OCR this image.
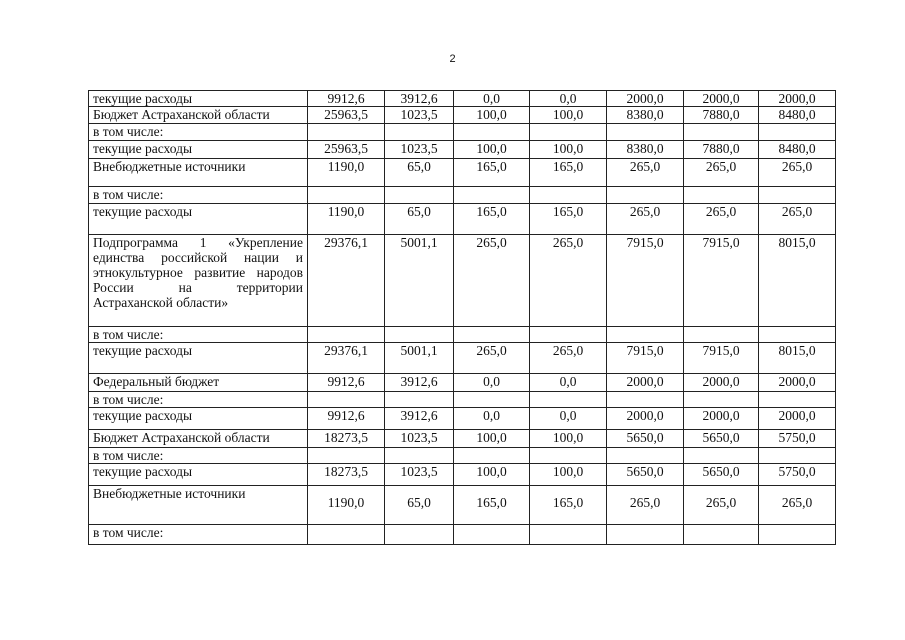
2
текущие расходы	9912,6	3912,6	0,0	0,0	2000,0	2000,0	2000,0
Бюджет Астраханской области	25963,5	1023,5	100,0	100,0	8380,0	7880,0	8480,0
в том числе:							
текущие расходы	25963,5	1023,5	100,0	100,0	8380,0	7880,0	8480,0
Внебюджетные источники	1190,0	65,0	165,0	165,0	265,0	265,0	265,0
в том числе:							
текущие расходы	1190,0	65,0	165,0	165,0	265,0	265,0	265,0
Подпрограмма 1 «Укрепление единства российской нации и этнокультурное развитие народов России на территории Астраханской области»	29376,1	5001,1	265,0	265,0	7915,0	7915,0	8015,0
в том числе:							
текущие расходы	29376,1	5001,1	265,0	265,0	7915,0	7915,0	8015,0
Федеральный бюджет	9912,6	3912,6	0,0	0,0	2000,0	2000,0	2000,0
в том числе:							
текущие расходы	9912,6	3912,6	0,0	0,0	2000,0	2000,0	2000,0
Бюджет Астраханской области	18273,5	1023,5	100,0	100,0	5650,0	5650,0	5750,0
в том числе:							
текущие расходы	18273,5	1023,5	100,0	100,0	5650,0	5650,0	5750,0
Внебюджетные источники	1190,0	65,0	165,0	165,0	265,0	265,0	265,0
в том числе:							
